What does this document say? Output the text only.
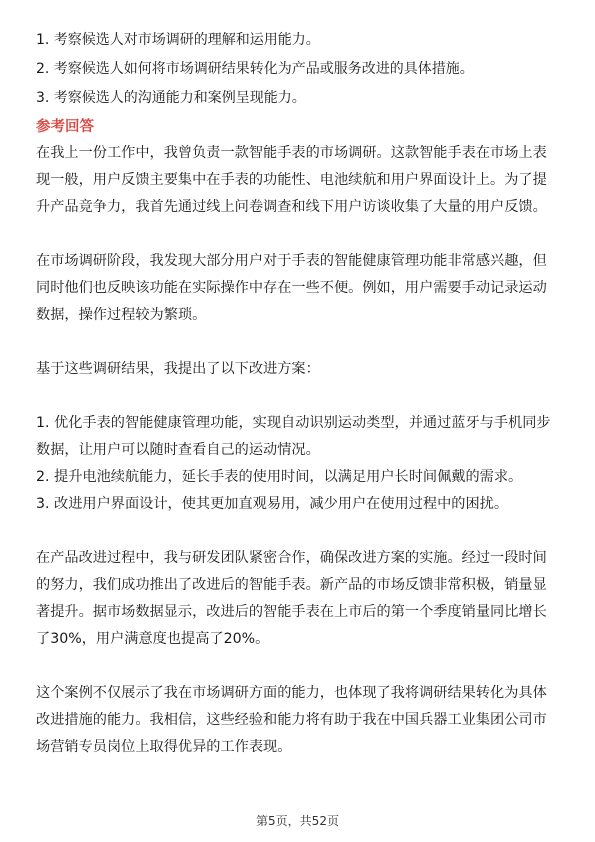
1. 考察候选人对市场调研的理解和运用能力。

2. 考察候选人如何将市场调研结果转化为产品或服务改进的具体措施。

3. 考察候选人的沟通能力和案例呈现能力。

参考回答

在我上一份工作中，我曾负责一款智能手表的市场调研。这款智能手表在市场上表

现一般，用户反馈主要集中在手表的功能性、电池续航和用户界面设计上。为了提

升产品竞争力，我首先通过线上问卷调查和线下用户访谈收集了大量的用户反馈。

在市场调研阶段，我发现大部分用户对于手表的智能健康管理功能非常感兴趣，但

同时他们也反映该功能在实际操作中存在一些不便。例如，用户需要手动记录运动

数据，操作过程较为繁琐。

基于这些调研结果，我提出了以下改进方案：

1. 优化手表的智能健康管理功能，实现自动识别运动类型，并通过蓝牙与手机同步

数据，让用户可以随时查看自己的运动情况。

2. 提升电池续航能力，延长手表的使用时间，以满足用户长时间佩戴的需求。

3. 改进用户界面设计，使其更加直观易用，减少用户在使用过程中的困扰。

在产品改进过程中，我与研发团队紧密合作，确保改进方案的实施。经过一段时间

的努力，我们成功推出了改进后的智能手表。新产品的市场反馈非常积极，销量显

著提升。据市场数据显示，改进后的智能手表在上市后的第一个季度销量同比增长

了30%，用户满意度也提高了20%。

这个案例不仅展示了我在市场调研方面的能力，也体现了我将调研结果转化为具体

改进措施的能力。我相信，这些经验和能力将有助于我在中国兵器工业集团公司市

场营销专员岗位上取得优异的工作表现。

第5页，共52页
